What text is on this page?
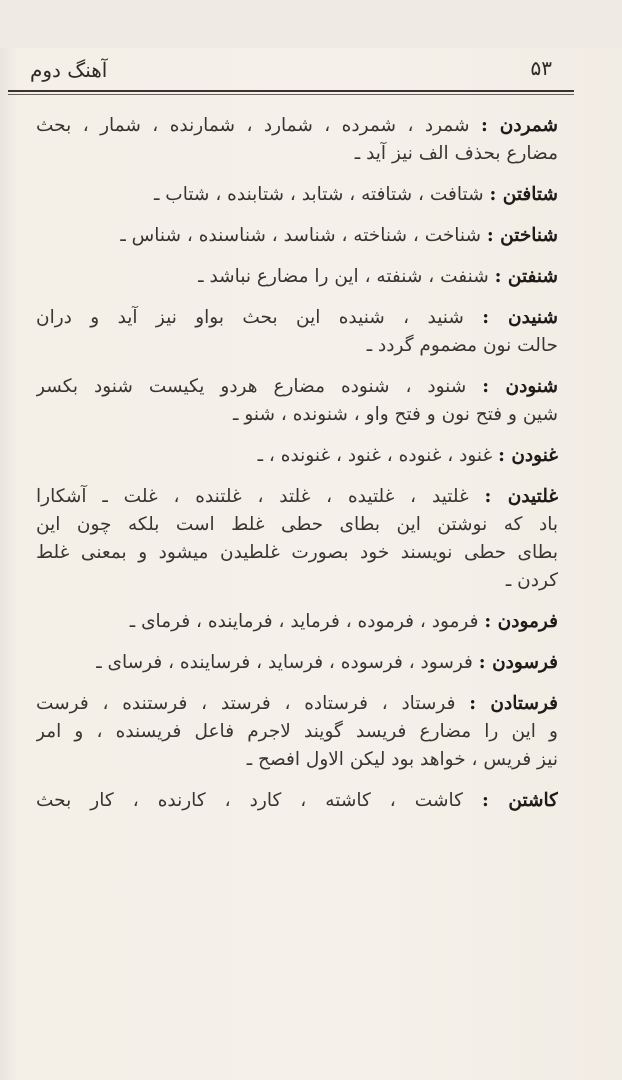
آهنگ دوم	۵۳
شمردن : شمرد ، شمرده ، شمارد ، شمارنده ، شمار ، بحث
مضارع بحذف الف نیز آید ـ
شتافتن : شتافت ، شتافته ، شتابد ، شتابنده ، شتاب ـ
شناختن : شناخت ، شناخته ، شناسد ، شناسنده ، شناس ـ
شنفتن : شنفت ، شنفته ، این را مضارع نباشد ـ
شنیدن : شنید ، شنیده این بحث بواو نیز آید و دران
حالت نون مضموم گردد ـ
شنودن : شنود ، شنوده مضارع هردو یکیست شنود بکسر
شین و فتح نون و فتح واو ، شنونده ، شنو ـ
غنودن : غنود ، غنوده ، غنود ، غنونده ، ـ
غلتیدن : غلتید ، غلتیده ، غلتد ، غلتنده ، غلت ـ آشکارا
باد که نوشتن این بطای حطی غلط است بلکه چون این
بطای حطی نویسند خود بصورت غلطیدن میشود و بمعنی غلط
کردن ـ
فرمودن : فرمود ، فرموده ، فرماید ، فرماینده ، فرمای ـ
فرسودن : فرسود ، فرسوده ، فرساید ، فرساینده ، فرسای ـ
فرستادن : فرستاد ، فرستاده ، فرستد ، فرستنده ، فرست
و این را مضارع فریسد گویند لاجرم فاعل فریسنده ، و امر
نیز فریس ، خواهد بود لیکن الاول افصح ـ
کاشتن : کاشت ، کاشته ، کارد ، کارنده ، کار بحث
